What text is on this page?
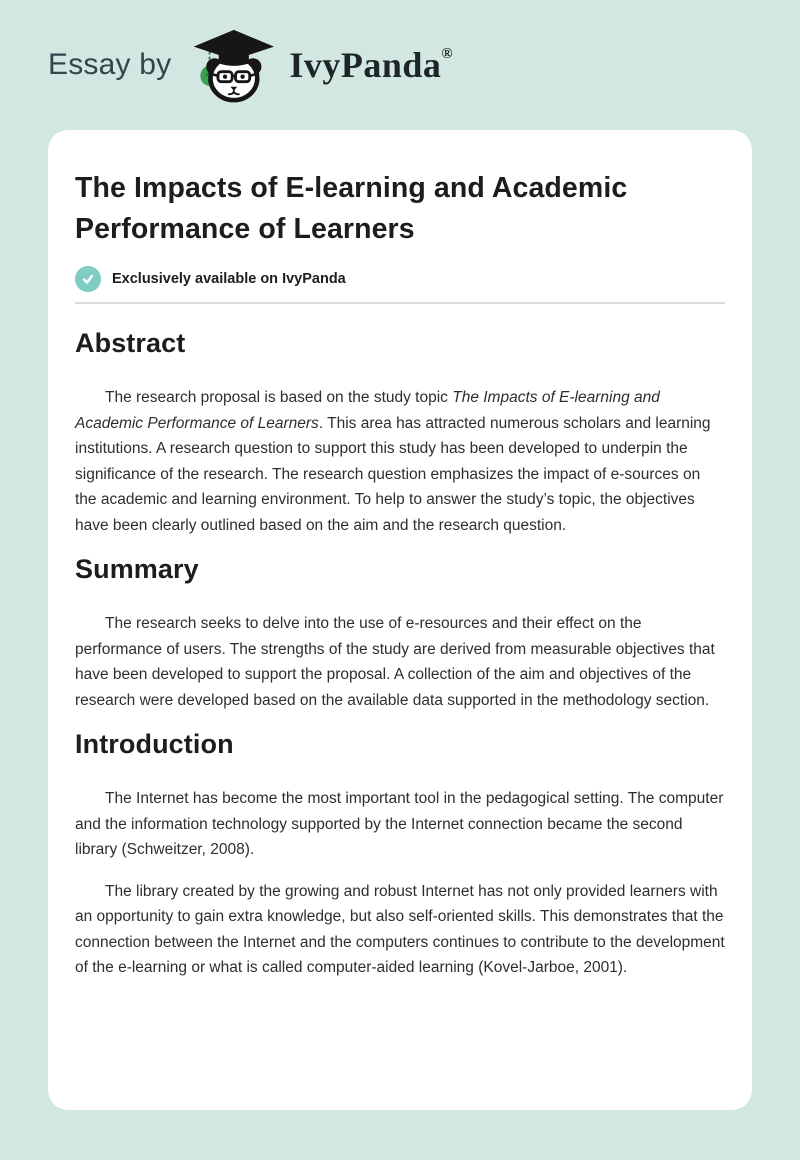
Essay by	IvyPanda®
The Impacts of E-learning and Academic Performance of Learners
Exclusively available on IvyPanda
Abstract

The research proposal is based on the study topic The Impacts of E-learning and Academic Performance of Learners. This area has attracted numerous scholars and learning institutions. A research question to support this study has been developed to underpin the significance of the research. The research question emphasizes the impact of e-sources on the academic and learning environment. To help to answer the study’s topic, the objectives have been clearly outlined based on the aim and the research question.

Summary

The research seeks to delve into the use of e-resources and their effect on the performance of users. The strengths of the study are derived from measurable objectives that have been developed to support the proposal. A collection of the aim and objectives of the research were developed based on the available data supported in the methodology section.

Introduction

The Internet has become the most important tool in the pedagogical setting. The computer and the information technology supported by the Internet connection became the second library (Schweitzer, 2008).

The library created by the growing and robust Internet has not only provided learners with an opportunity to gain extra knowledge, but also self-oriented skills. This demonstrates that the connection between the Internet and the computers continues to contribute to the development of the e-learning or what is called computer-aided learning (Kovel-Jarboe, 2001).
